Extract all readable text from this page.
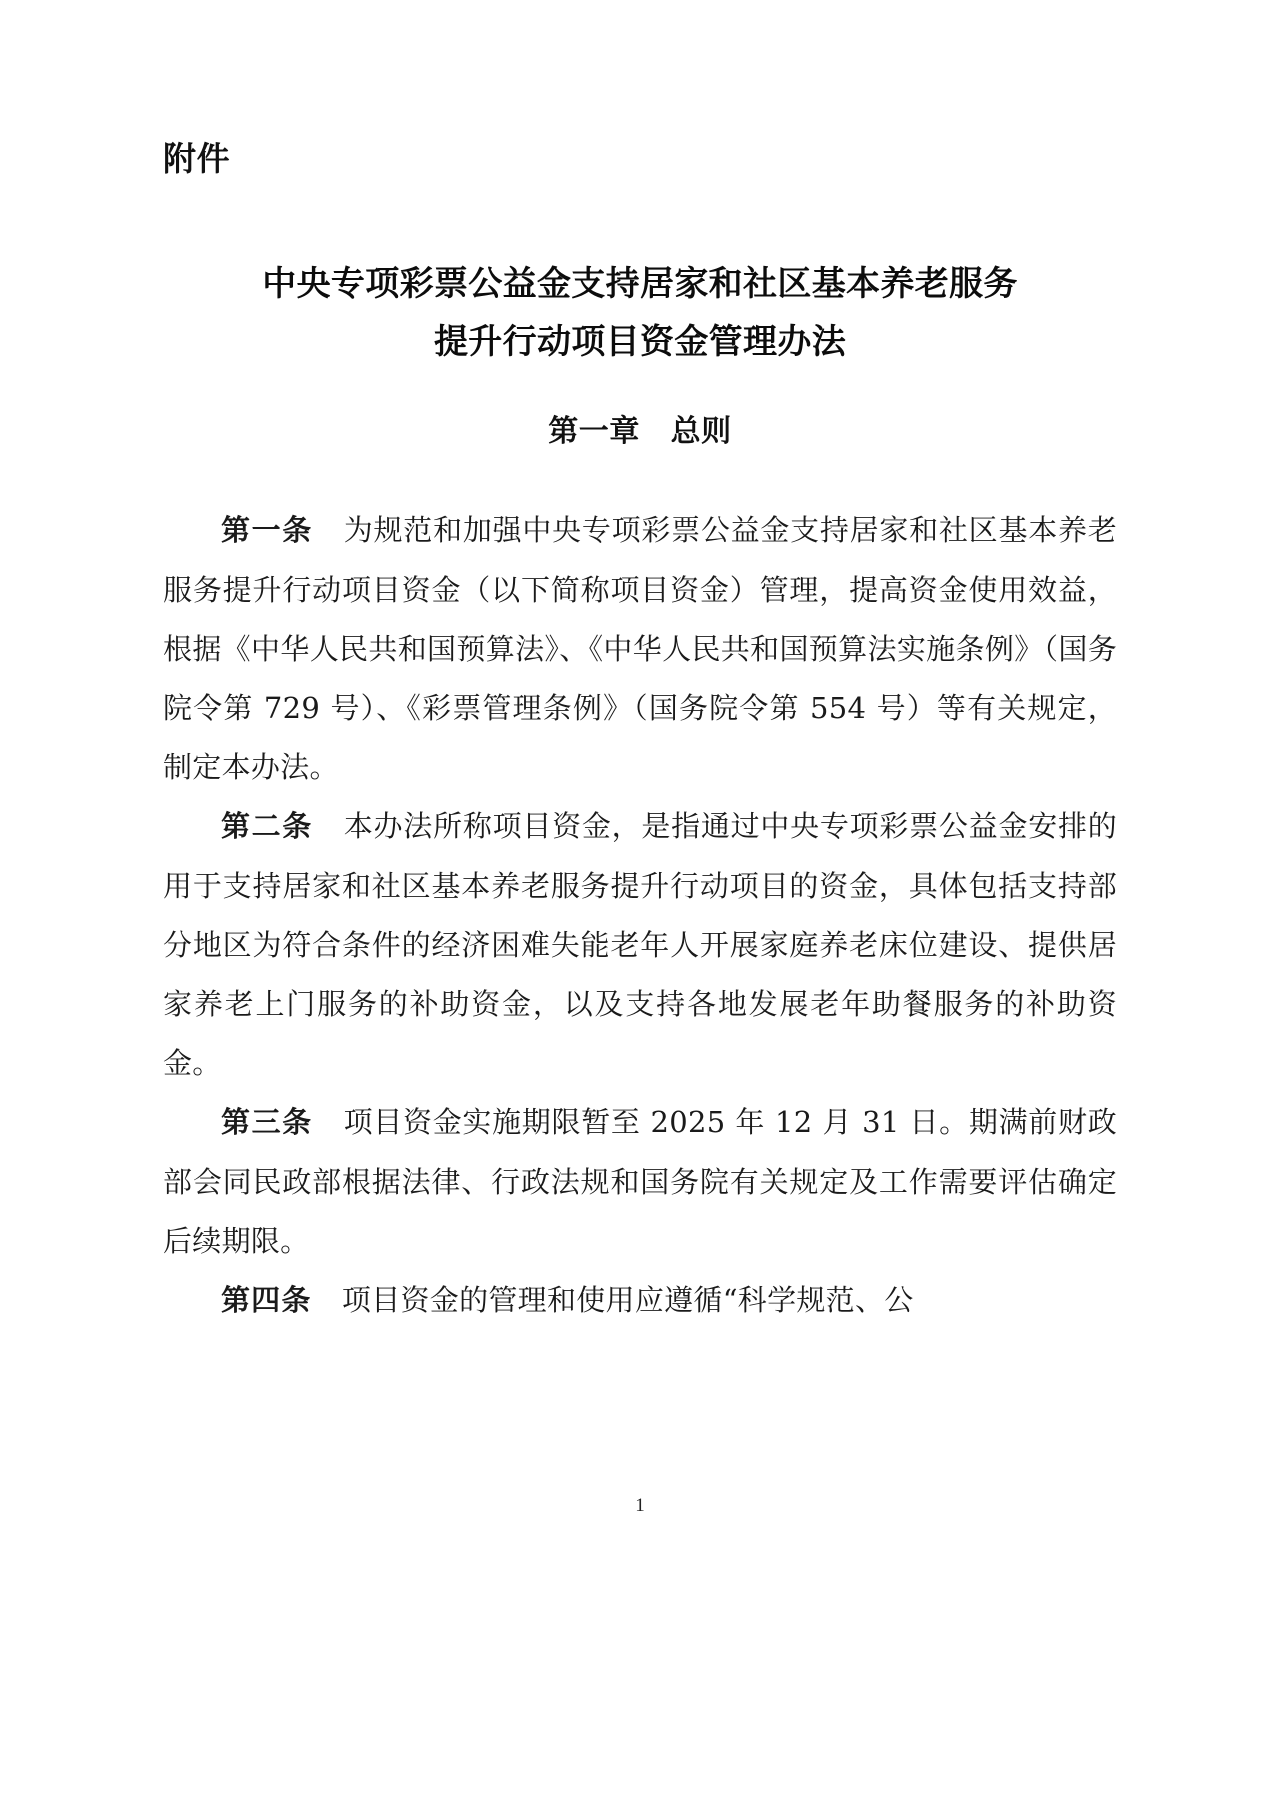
附件
中央专项彩票公益金支持居家和社区基本养老服务
提升行动项目资金管理办法
第一章　总则

第一条 为规范和加强中央专项彩票公益金支持居家和社区基本养老服务提升行动项目资金（以下简称项目资金）管理，提高资金使用效益，根据《中华人民共和国预算法》、《中华人民共和国预算法实施条例》（国务院令第 729 号）、《彩票管理条例》（国务院令第 554 号）等有关规定，制定本办法。

第二条 本办法所称项目资金，是指通过中央专项彩票公益金安排的用于支持居家和社区基本养老服务提升行动项目的资金，具体包括支持部分地区为符合条件的经济困难失能老年人开展家庭养老床位建设、提供居家养老上门服务的补助资金，以及支持各地发展老年助餐服务的补助资金。

第三条 项目资金实施期限暂至 2025 年 12 月 31 日。期满前财政部会同民政部根据法律、行政法规和国务院有关规定及工作需要评估确定后续期限。

第四条 项目资金的管理和使用应遵循“科学规范、公

1
